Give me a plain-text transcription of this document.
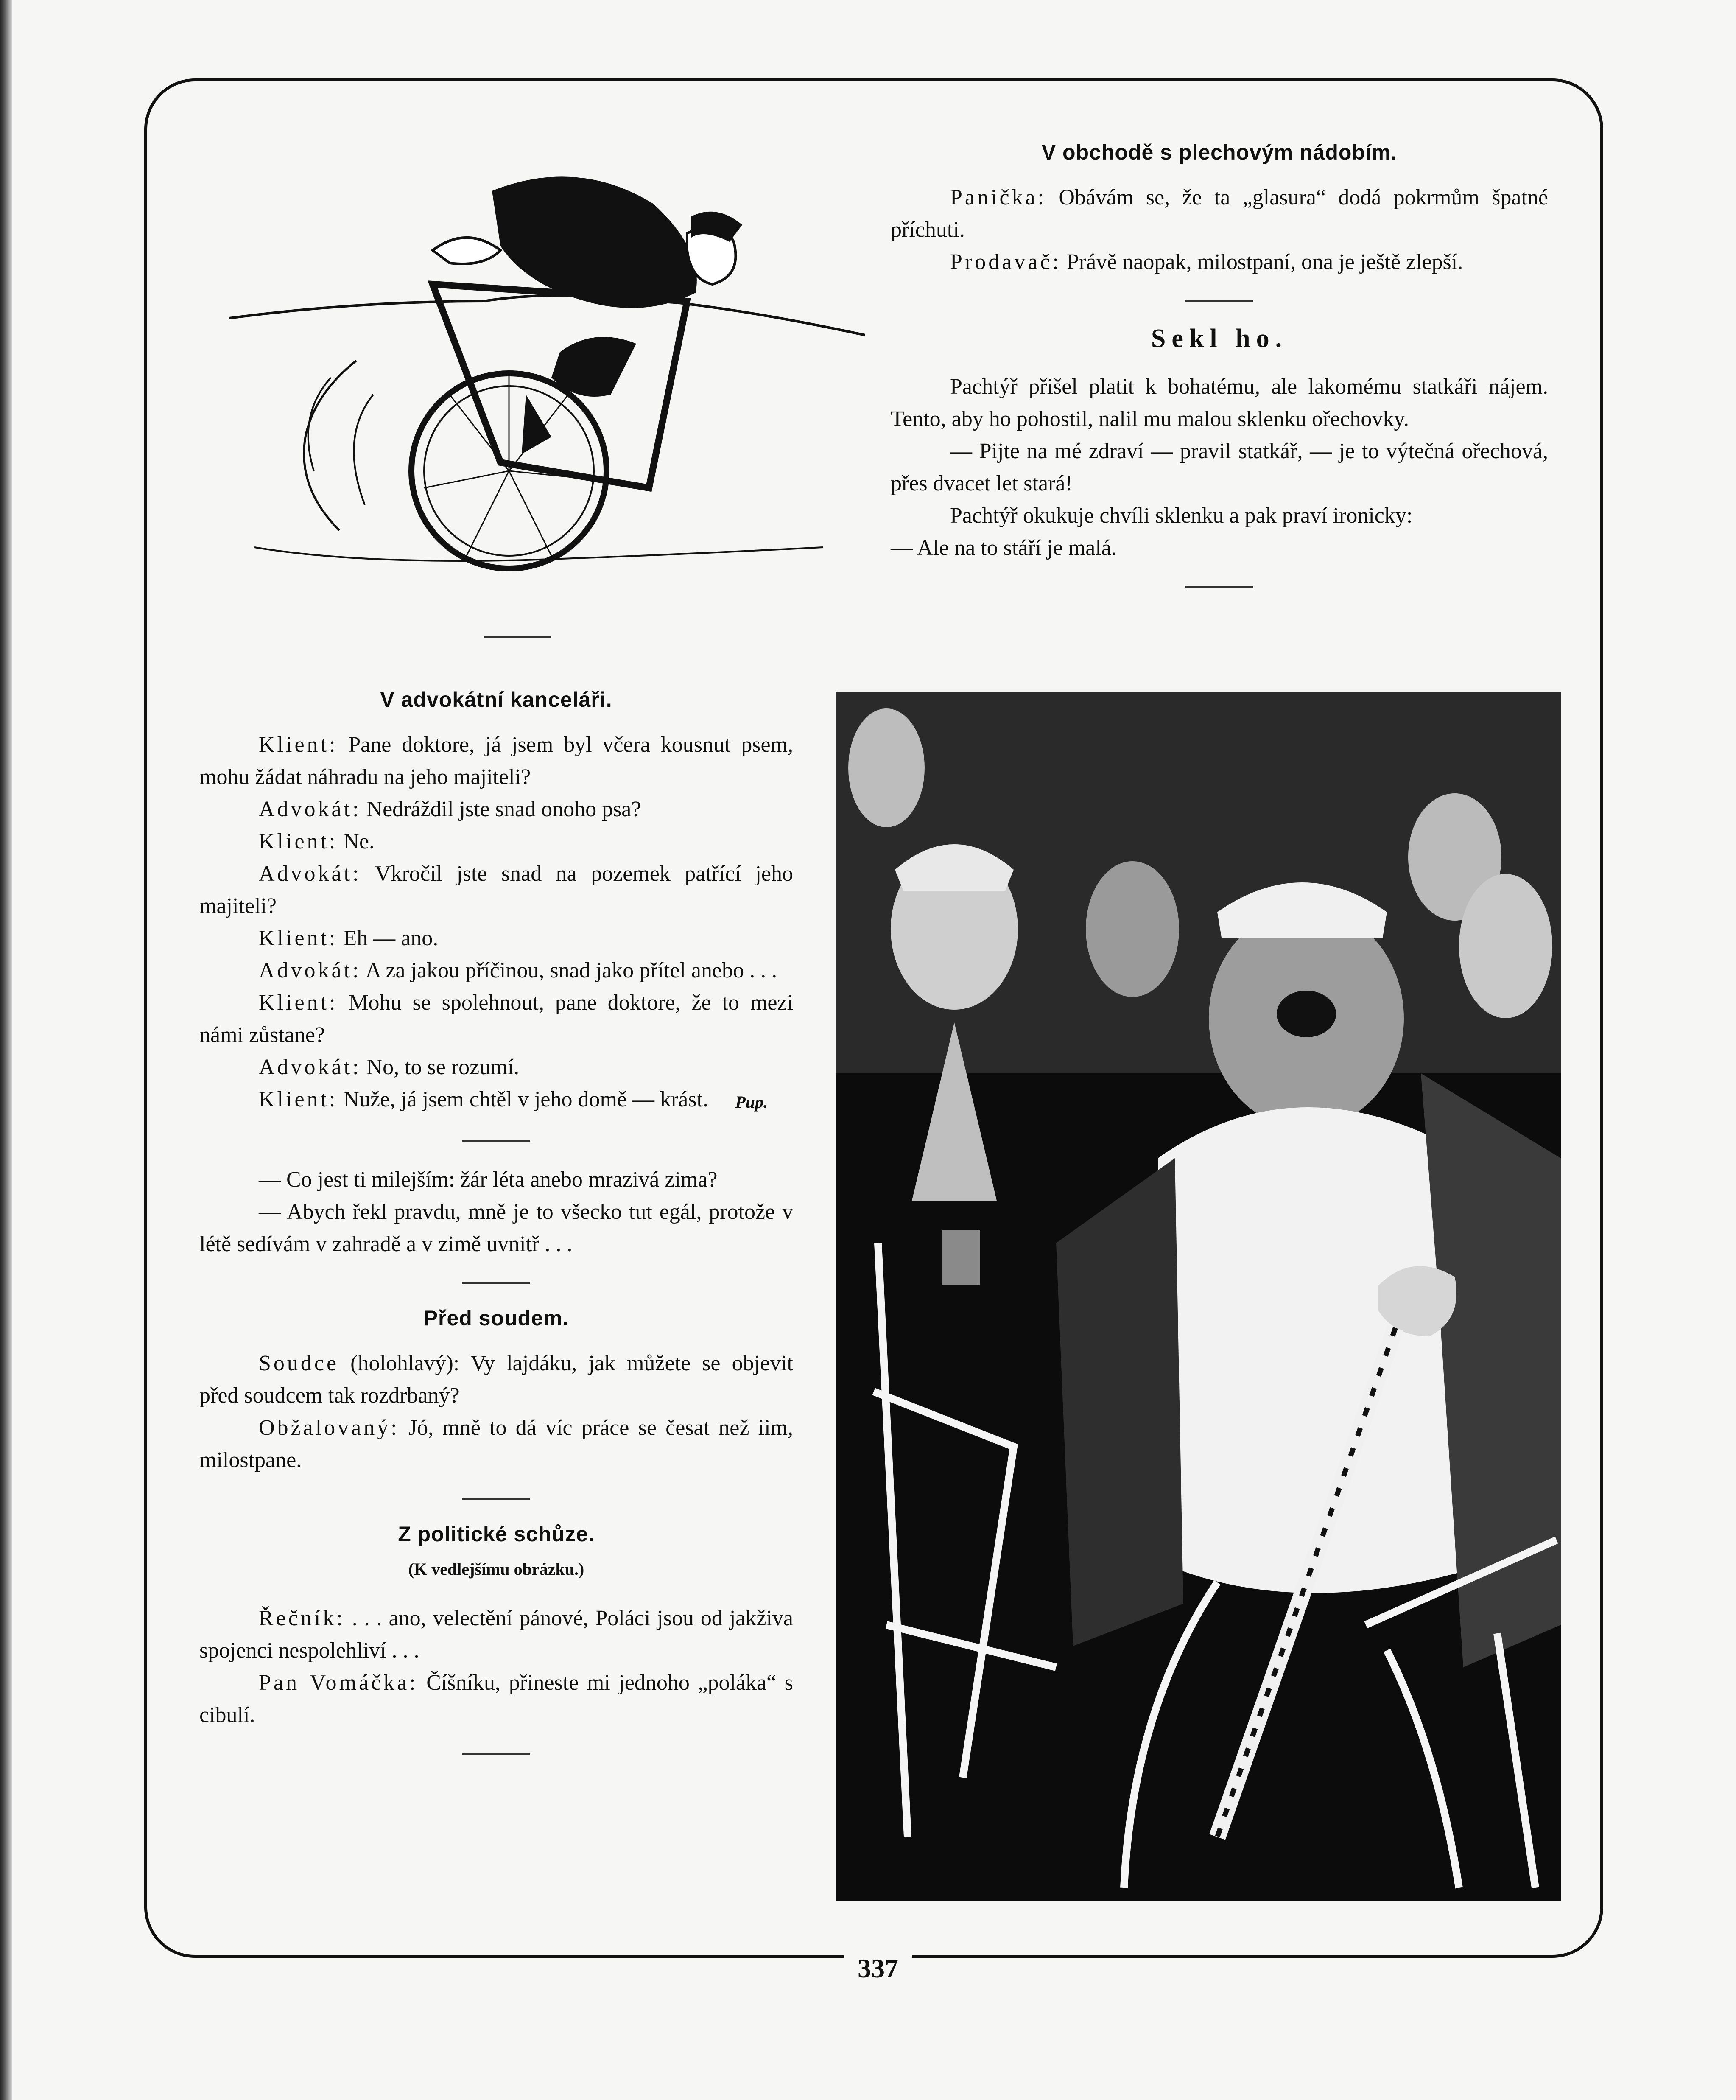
V obchodě s plechovým nádobím.

Panička: Obávám se, že ta „glasura“ dodá pokrmům špatné příchuti.

Prodavač: Právě naopak, milostpaní, ona je ještě zlepší.

Sekl ho.

Pachtýř přišel platit k bohatému, ale lakomému statkáři nájem. Tento, aby ho pohostil, nalil mu malou sklenku ořechovky.

— Pijte na mé zdraví — pravil statkář, — je to výtečná ořechová, přes dvacet let stará!

Pachtýř okukuje chvíli sklenku a pak praví ironicky:

— Ale na to stáří je malá.

V advokátní kanceláři.

Klient: Pane doktore, já jsem byl včera kousnut psem, mohu žádat náhradu na jeho majiteli?

Advokát: Nedráždil jste snad onoho psa?

Klient: Ne.

Advokát: Vkročil jste snad na pozemek patřící jeho majiteli?

Klient: Eh — ano.

Advokát: A za jakou příčinou, snad jako přítel anebo . . .

Klient: Mohu se spolehnout, pane doktore, že to mezi námi zůstane?

Advokát: No, to se rozumí.

Klient: Nuže, já jsem chtěl v jeho domě — krást.	Pup.

— Co jest ti milejším: žár léta anebo mrazivá zima?

— Abych řekl pravdu, mně je to všecko tut egál, protože v létě sedívám v zahradě a v zimě uvnitř . . .

Před soudem.

Soudce (holohlavý): Vy lajdáku, jak můžete se objevit před soudcem tak rozdrbaný?

Obžalovaný: Jó, mně to dá víc práce se česat než iim, milostpane.

Z politické schůze.

(K vedlejšímu obrázku.)

Řečník: . . . ano, velectění pánové, Poláci jsou od jakživa spojenci nespolehliví . . .

Pan Vomáčka: Číšníku, přineste mi jednoho „poláka“ s cibulí.

337
